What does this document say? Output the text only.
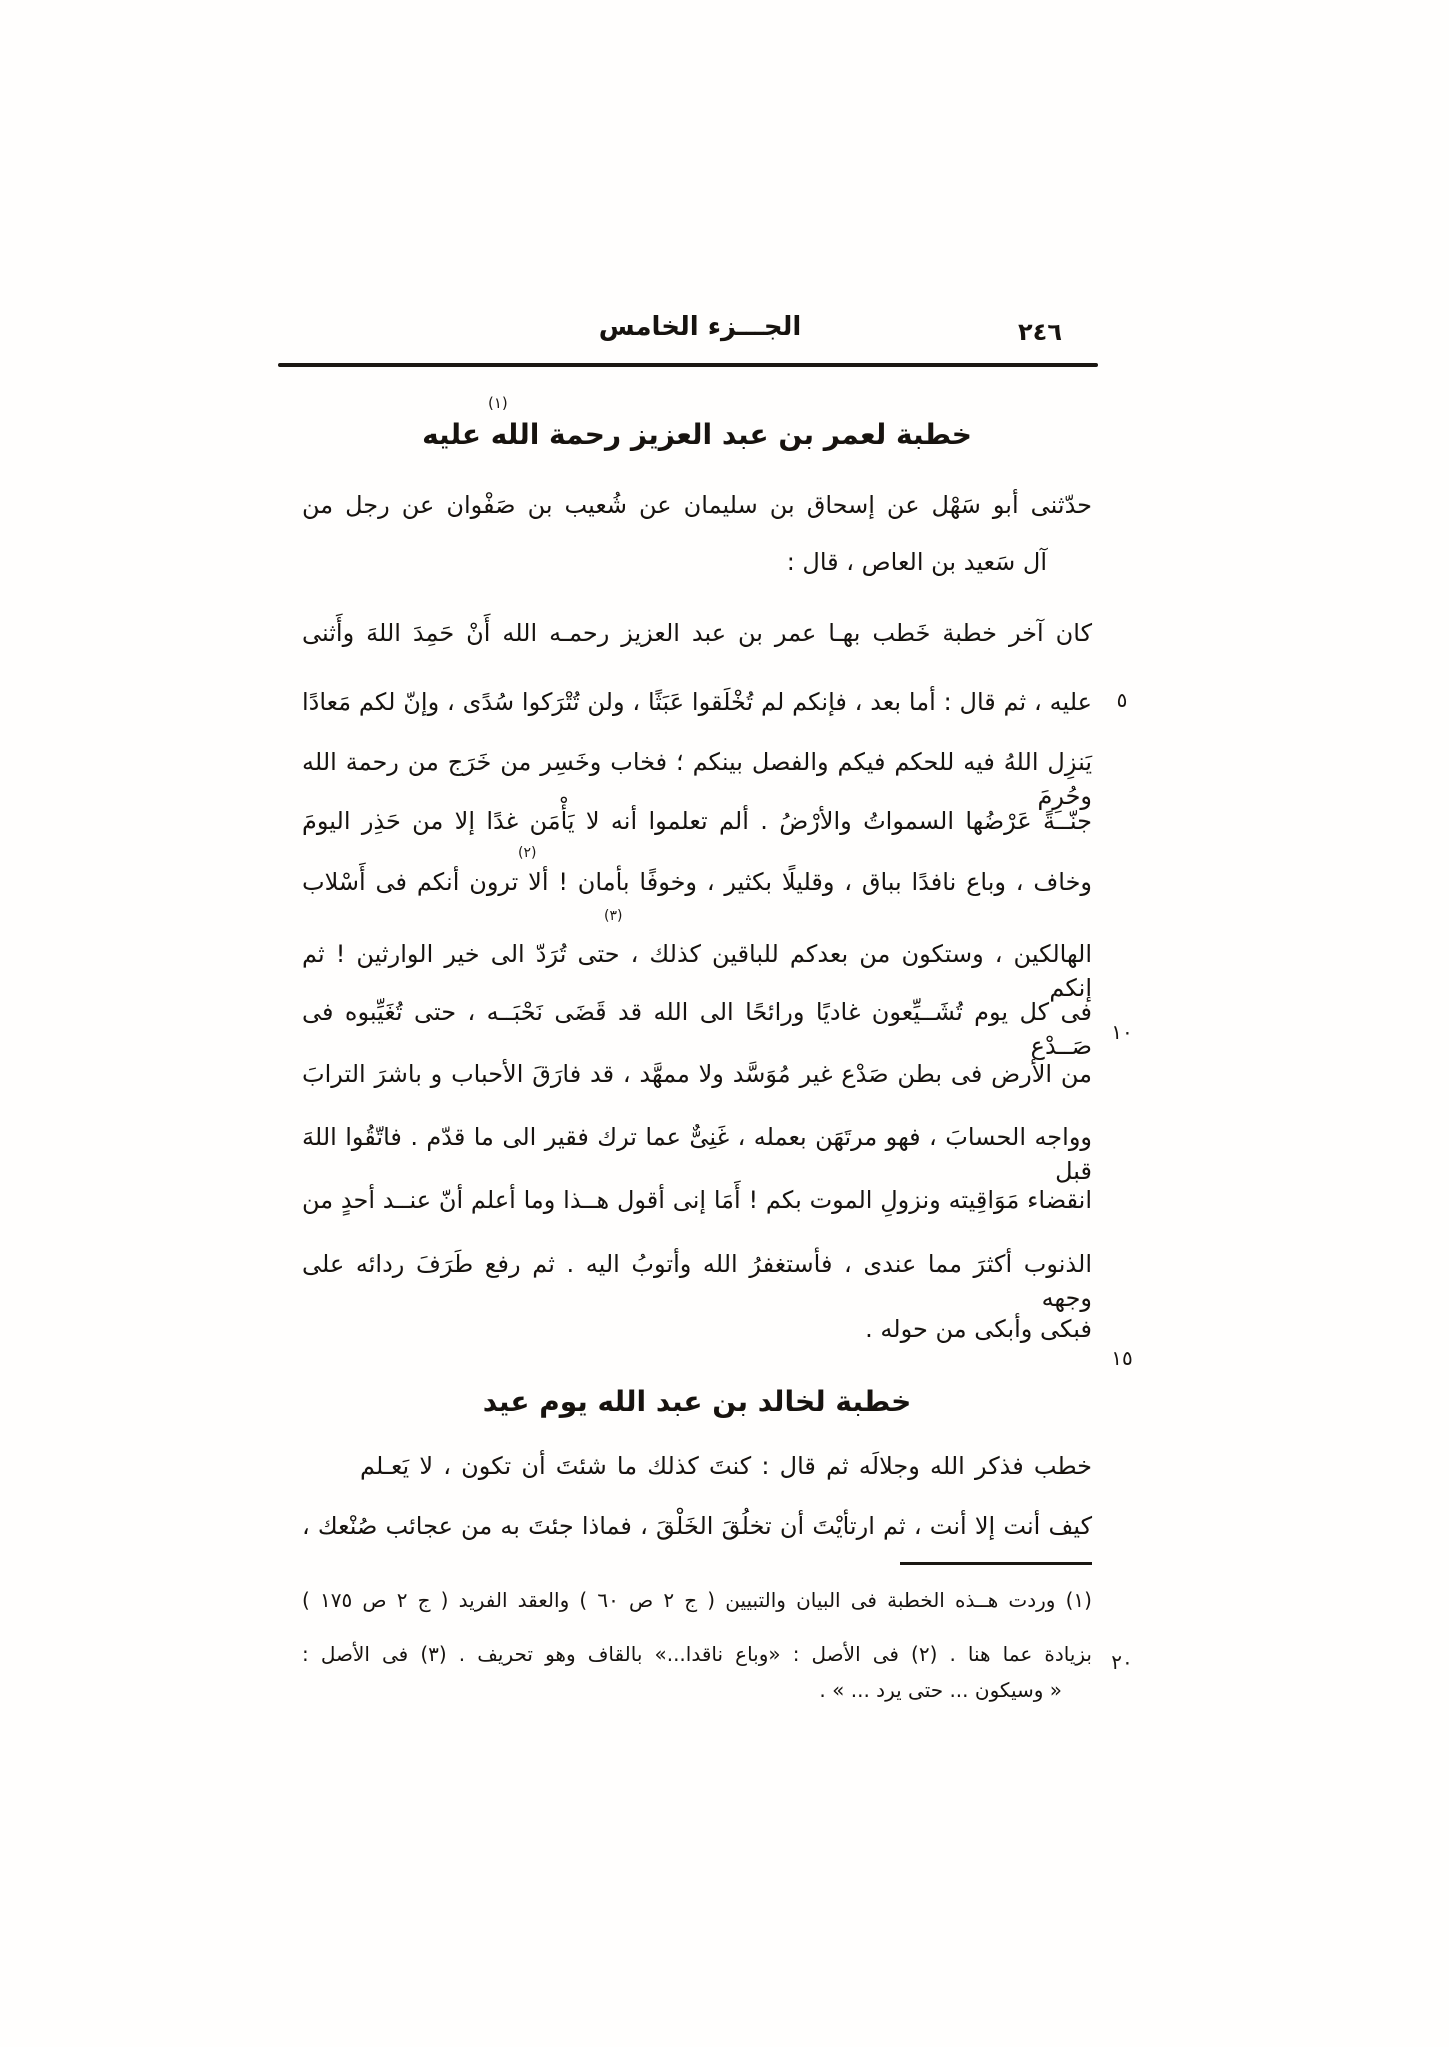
الجـــزء الخامس	٢٤٦
(١)
خطبة لعمر بن عبد العزيز رحمة الله عليه
حدّثنى أبو سَهْل عن إسحاق بن سليمان عن شُعيب بن صَفْوان عن رجل من
آل سَعيد بن العاص ، قال :
كان آخر خطبة خَطب بهـا عمر بن عبد العزيز رحمـه الله أَنْ حَمِدَ اللهَ وأَثنى
عليه ، ثم قال : أما بعد ، فإنكم لم تُخْلَقوا عَبَثًا ، ولن تُتْرَكوا سُدًى ، وإنّ لكم مَعادًا
يَنزِل اللهُ فيه للحكم فيكم والفصل بينكم ؛ فخاب وخَسِر من خَرَج من رحمة الله وحُرِمَ
جنّــةً عَرْضُها السمواتُ والأرْضُ . ألم تعلموا أنه لا يَأْمَن غدًا إلا من حَذِر اليومَ
وخاف ، وباع نافدًا بباق ، وقليلًا بكثير ، وخوفًا بأمان ! ألا ترون أنكم فى أَسْلاب
الهالكين ، وستكون من بعدكم للباقين كذلك ، حتى تُرَدّ الى خير الوارثين ! ثم إنكم
فى كل يوم تُشَــيِّعون غاديًا ورائحًا الى الله قد قَضَى نَحْبَــه ، حتى تُغَيِّبوه فى صَــدْع
من الأرض فى بطن صَدْع غير مُوَسَّد ولا ممهَّد ، قد فارَقَ الأحباب و باشرَ الترابَ
وواجه الحسابَ ، فهو مرتَهَن بعمله ، غَنِىٌّ عما ترك فقير الى ما قدّم . فاتّقُوا اللهَ قبل
انقضاء مَوَاقِيته ونزولِ الموت بكم ! أَمَا إنى أقول هــذا وما أعلم أنّ عنــد أحدٍ من
الذنوب أكثرَ مما عندى ، فأستغفرُ الله وأتوبُ اليه . ثم رفع طَرَفَ ردائه على وجهه
فبكى وأبكى من حوله .
(٢)
(٣)
خطبة لخالد بن عبد الله يوم عيد
خطب فذكر الله وجلالَه ثم قال : كنتَ كذلك ما شئتَ أن تكون ، لا يَعـلم
كيف أنت إلا أنت ، ثم ارتأيْتَ أن تخلُقَ الخَلْقَ ، فماذا جئتَ به من عجائب صُنْعك ،
٥
١٠
١٥
٢٠
(١) وردت هــذه الخطبة فى البيان والتبيين ( ج ٢ ص ٦٠ ) والعقد الفريد ( ج ٢ ص ١٧٥ )
بزيادة عما هنا . (٢) فى الأصل : «وباع ناقدا...» بالقاف وهو تحريف . (٣) فى الأصل :
« وسيكون ... حتى يرد ... » .
